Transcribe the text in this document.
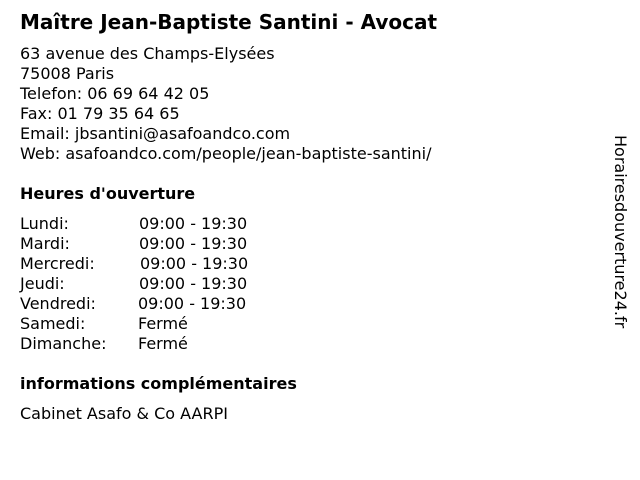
Maître Jean-Baptiste Santini - Avocat
63 avenue des Champs-Elysées
75008 Paris
Telefon: 06 69 64 42 05
Fax: 01 79 35 64 65
Email: jbsantini@asafoandco.com
Web: asafoandco.com/people/jean-baptiste-santini/
Heures d'ouverture
Lundi:	09:00 - 19:30
Mardi:	09:00 - 19:30
Mercredi:	09:00 - 19:30
Jeudi:	09:00 - 19:30
Vendredi:	09:00 - 19:30
Samedi:	Fermé
Dimanche: Fermé
informations complémentaires
Cabinet Asafo & Co AARPI
Horairesdouverture24.fr
